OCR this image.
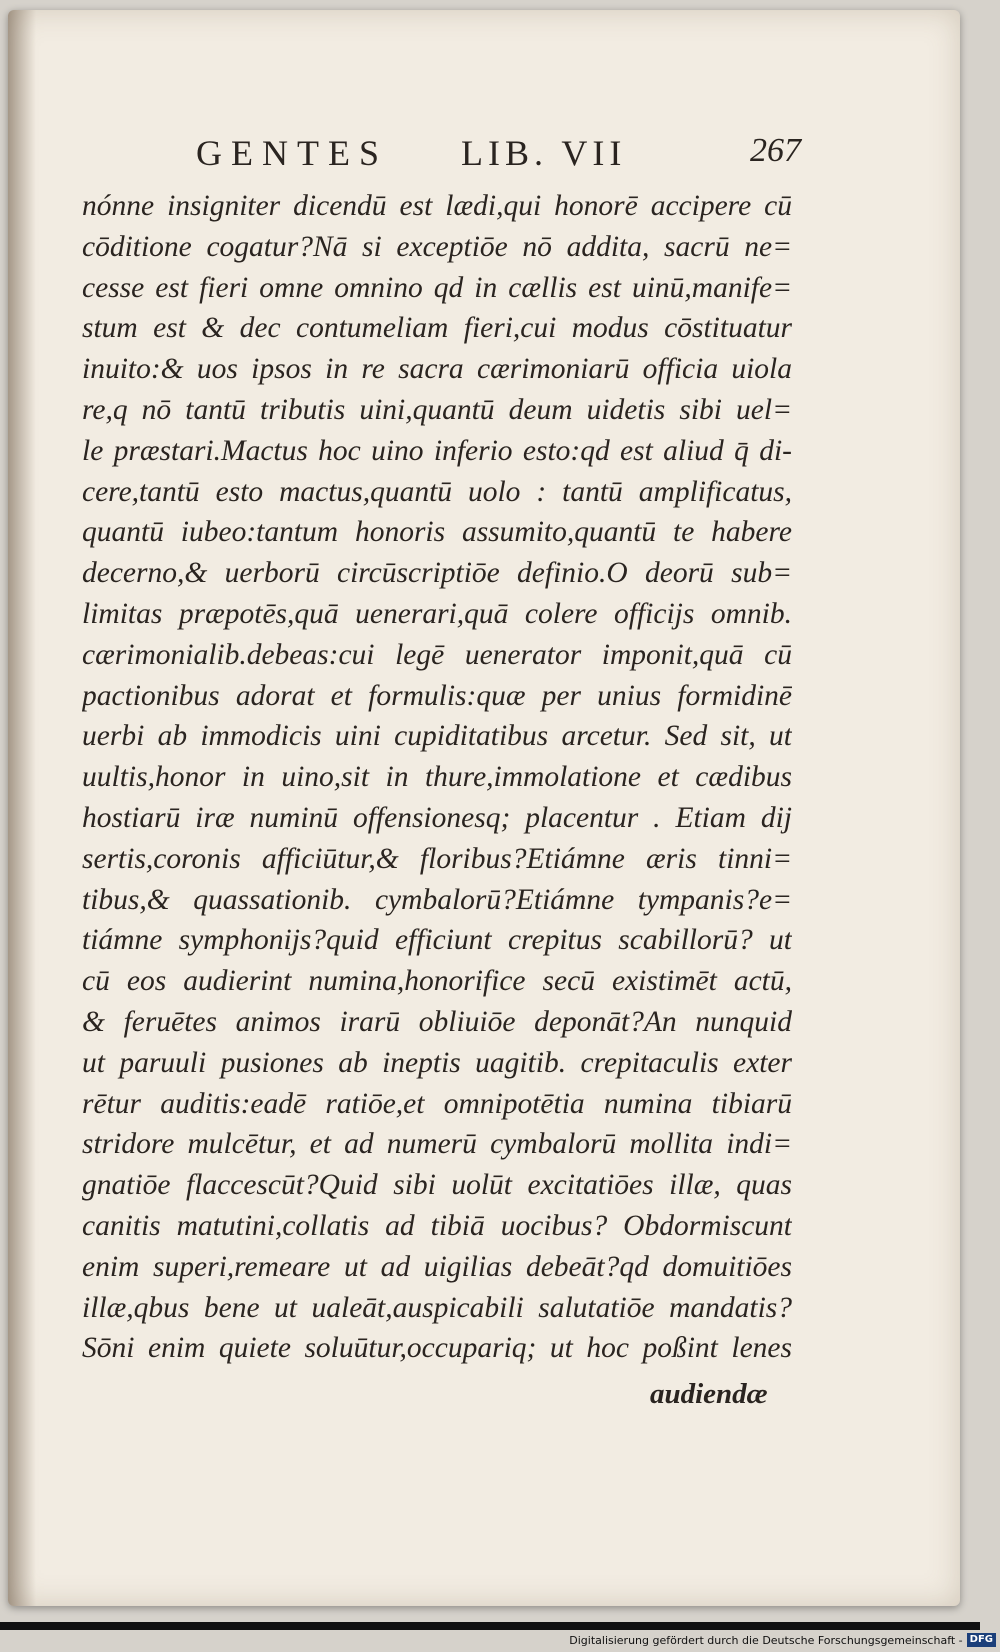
GENTES LIB. VII	267
nónne insigniter dicendū est lædi,qui honorē accipere cū
cōditione cogatur?Nā si exceptiōe nō addita, sacrū ne=
cesse est fieri omne omnino qd in cællis est uinū,manife=
stum est & dec contumeliam fieri,cui modus cōstituatur
inuito:& uos ipsos in re sacra cærimoniarū officia uiola
re,q nō tantū tributis uini,quantū deum uidetis sibi uel=
le præstari.Mactus hoc uino inferio esto:qd est aliud q̄ di-
cere,tantū esto mactus,quantū uolo : tantū amplificatus,
quantū iubeo:tantum honoris assumito,quantū te habere
decerno,& uerborū circūscriptiōe definio.O deorū sub=
limitas præpotēs,quā uenerari,quā colere officijs omnib.
cærimonialib.debeas:cui legē uenerator imponit,quā cū
pactionibus adorat et formulis:quæ per unius formidinē
uerbi ab immodicis uini cupiditatibus arcetur. Sed sit, ut
uultis,honor in uino,sit in thure,immolatione et cædibus
hostiarū iræ numinū offensionesq; placentur . Etiam dij
sertis,coronis afficiūtur,& floribus?Etiámne æris tinni=
tibus,& quassationib. cymbalorū?Etiámne tympanis?e=
tiámne symphonijs?quid efficiunt crepitus scabillorū? ut
cū eos audierint numina,honorifice secū existimēt actū,
& feruētes animos irarū obliuiōe deponāt?An nunquid
ut paruuli pusiones ab ineptis uagitib. crepitaculis exter
rētur auditis:eadē ratiōe,et omnipotētia numina tibiarū
stridore mulcētur, et ad numerū cymbalorū mollita indi=
gnatiōe flaccescūt?Quid sibi uolūt excitatiōes illæ, quas
canitis matutini,collatis ad tibiā uocibus? Obdormiscunt
enim superi,remeare ut ad uigilias debeāt?qd domuitiōes
illæ,qbus bene ut ualeāt,auspicabili salutatiōe mandatis?
Sōni enim quiete soluūtur,occupariq; ut hoc poßint lenes
audiendæ
Digitalisierung gefördert durch die Deutsche Forschungsgemeinschaft - DFG
